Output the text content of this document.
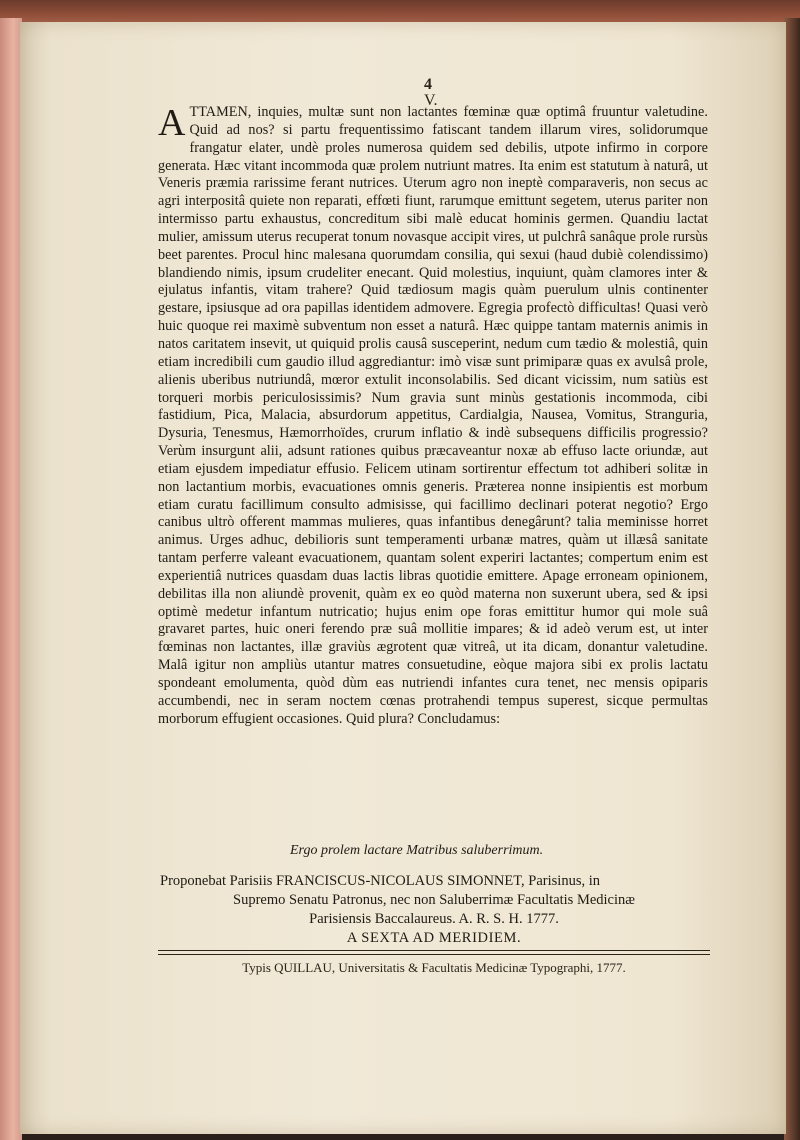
4
V.

ATTAMEN, inquies, multæ sunt non lactantes fœminæ quæ optimâ fruuntur valetudine. Quid ad nos? si partu frequentissimo fatiscant tandem illarum vires, solidorumque frangatur elater, undè proles numerosa quidem sed debilis, utpote infirmo in corpore generata. Hæc vitant incommoda quæ prolem nutriunt matres. Ita enim est statutum à naturâ, ut Veneris præmia rarissime ferant nutrices. Uterum agro non ineptè comparaveris, non secus ac agri interpositâ quiete non reparati, effœti fiunt, rarumque emittunt segetem, uterus pariter non intermisso partu exhaustus, concreditum sibi malè educat hominis germen. Quandiu lactat mulier, amissum uterus recuperat tonum novasque accipit vires, ut pulchrâ sanâque prole rursùs beet parentes. Procul hinc malesana quorumdam consilia, qui sexui (haud dubiè colendissimo) blandiendo nimis, ipsum crudeliter enecant. Quid molestius, inquiunt, quàm clamores inter & ejulatus infantis, vitam trahere? Quid tædiosum magis quàm puerulum ulnis continenter gestare, ipsiusque ad ora papillas identidem admovere. Egregia profectò difficultas! Quasi verò huic quoque rei maximè subventum non esset a naturâ. Hæc quippe tantam maternis animis in natos caritatem insevit, ut quiquid prolis causâ susceperint, nedum cum tædio & molestiâ, quin etiam incredibili cum gaudio illud aggrediantur: imò visæ sunt primiparæ quas ex avulsâ prole, alienis uberibus nutriundâ, mœror extulit inconsolabilis. Sed dicant vicissim, num satiùs est torqueri morbis periculosissimis? Num gravia sunt minùs gestationis incommoda, cibi fastidium, Pica, Malacia, absurdorum appetitus, Cardialgia, Nausea, Vomitus, Stranguria, Dysuria, Tenesmus, Hæmorrhoïdes, crurum inflatio & indè subsequens difficilis progressio? Verùm insurgunt alii, adsunt rationes quibus præcaveantur noxæ ab effuso lacte oriundæ, aut etiam ejusdem impediatur effusio. Felicem utinam sortirentur effectum tot adhiberi solitæ in non lactantium morbis, evacuationes omnis generis. Præterea nonne insipientis est morbum etiam curatu facillimum consulto admisisse, qui facillimo declinari poterat negotio? Ergo canibus ultrò offerent mammas mulieres, quas infantibus denegârunt? talia meminisse horret animus. Urges adhuc, debilioris sunt temperamenti urbanæ matres, quàm ut illæsâ sanitate tantam perferre valeant evacuationem, quantam solent experiri lactantes; compertum enim est experientiâ nutrices quasdam duas lactis libras quotidie emittere. Apage erroneam opinionem, debilitas illa non aliundè provenit, quàm ex eo quòd materna non suxerunt ubera, sed & ipsi optimè medetur infantum nutricatio; hujus enim ope foras emittitur humor qui mole suâ gravaret partes, huic oneri ferendo præ suâ mollitie impares; & id adeò verum est, ut inter fœminas non lactantes, illæ graviùs ægrotent quæ vitreâ, ut ita dicam, donantur valetudine. Malâ igitur non ampliùs utantur matres consuetudine, eòque majora sibi ex prolis lactatu spondeant emolumenta, quòd dùm eas nutriendi infantes cura tenet, nec mensis opiparis accumbendi, nec in seram noctem cœnas protrahendi tempus superest, sicque permultas morborum effugient occasiones. Quid plura? Concludamus:

Ergo prolem lactare Matribus saluberrimum.
Proponebat Parisiis FRANCISCUS-NICOLAUS SIMONNET, Parisinus, in
Supremo Senatu Patronus, nec non Saluberrimæ Facultatis Medicinæ
Parisiensis Baccalaureus. A. R. S. H. 1777.
A SEXTA AD MERIDIEM.
Typis QUILLAU, Universitatis & Facultatis Medicinæ Typographi, 1777.
